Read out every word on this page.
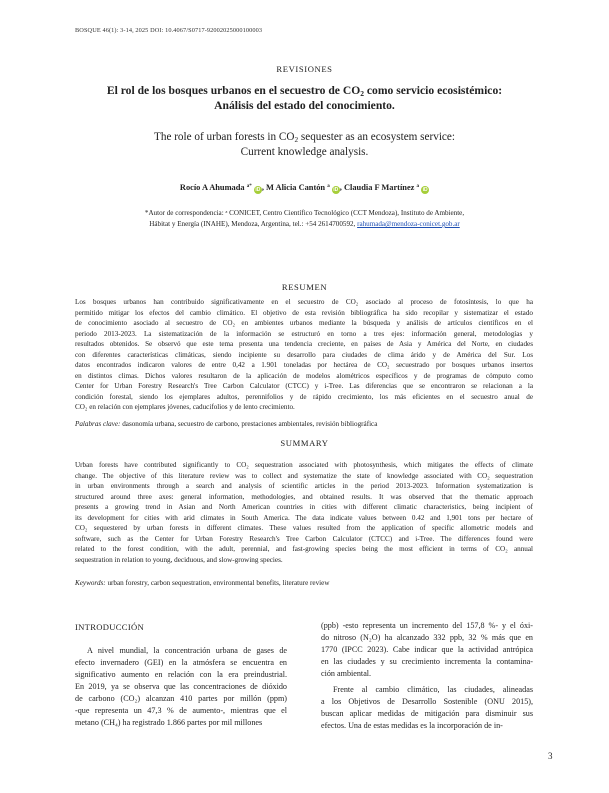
BOSQUE 46(1): 3-14, 2025 DOI: 10.4067/S0717-92002025000100003
REVISIONES
El rol de los bosques urbanos en el secuestro de $CO_2$ como servicio ecosistémico:
Análisis del estado del conocimiento.
The role of urban forests in $CO_2$ sequester as an ecosystem service:
Current knowledge analysis.
Rocío A Ahumada $^{a*}$ iD , M Alicia Cantón $^a$ iD , Claudia F Martínez $^a$ iD
*Autor de correspondencia: ᵃ CONICET, Centro Científico Tecnológico (CCT Mendoza), Instituto de Ambiente,
Hábitat y Energía (INAHE), Mendoza, Argentina, tel.: +54 2614700592, rahumada@mendoza-conicet.gob.ar
RESUMEN
Los bosques urbanos han contribuido significativamente en el secuestro de CO₂ asociado al proceso de fotosíntesis, lo que ha
permitido mitigar los efectos del cambio climático. El objetivo de esta revisión bibliográfica ha sido recopilar y sistematizar el estado
de conocimiento asociado al secuestro de CO₂ en ambientes urbanos mediante la búsqueda y análisis de artículos científicos en el
periodo 2013-2023. La sistematización de la información se estructuró en torno a tres ejes: información general, metodologías y
resultados obtenidos. Se observó que este tema presenta una tendencia creciente, en países de Asia y América del Norte, en ciudades
con diferentes características climáticas, siendo incipiente su desarrollo para ciudades de clima árido y de América del Sur. Los
datos encontrados indicaron valores de entre 0,42 a 1.901 toneladas por hectárea de CO₂ secuestrado por bosques urbanos insertos
en distintos climas. Dichos valores resultaron de la aplicación de modelos alométricos específicos y de programas de cómputo como
Center for Urban Forestry Research's Tree Carbon Calculator (CTCC) y i-Tree. Las diferencias que se encontraron se relacionan a la
condición forestal, siendo los ejemplares adultos, perennifolios y de rápido crecimiento, los más eficientes en el secuestro anual de
CO₂ en relación con ejemplares jóvenes, caducifolios y de lento crecimiento.
Palabras clave: dasonomía urbana, secuestro de carbono, prestaciones ambientales, revisión bibliográfica
SUMMARY
Urban forests have contributed significantly to CO₂ sequestration associated with photosynthesis, which mitigates the effects of climate
change. The objective of this literature review was to collect and systematize the state of knowledge associated with CO₂ sequestration
in urban environments through a search and analysis of scientific articles in the period 2013-2023. Information systematization is
structured around three axes: general information, methodologies, and obtained results. It was observed that the thematic approach
presents a growing trend in Asian and North American countries in cities with different climatic characteristics, being incipient of
its development for cities with arid climates in South America. The data indicate values between 0.42 and 1,901 tons per hectare of
CO₂ sequestered by urban forests in different climates. These values resulted from the application of specific allometric models and
software, such as the Center for Urban Forestry Research's Tree Carbon Calculator (CTCC) and i-Tree. The differences found were
related to the forest condition, with the adult, perennial, and fast-growing species being the most efficient in terms of CO₂ annual
sequestration in relation to young, deciduous, and slow-growing species.
Keywords: urban forestry, carbon sequestration, environmental benefits, literature review
INTRODUCCIÓN
A nivel mundial, la concentración urbana de gases de
efecto invernadero (GEI) en la atmósfera se encuentra en
significativo aumento en relación con la era preindustrial.
En 2019, ya se observa que las concentraciones de dióxido
de carbono (CO₂) alcanzan 410 partes por millón (ppm)
-que representa un 47,3 % de aumento-, mientras que el
metano (CH₄) ha registrado 1.866 partes por mil millones
(ppb) -esto representa un incremento del 157,8 %- y el óxi-
do nitroso (N₂O) ha alcanzado 332 ppb, 32 % más que en
1770 (IPCC 2023). Cabe indicar que la actividad antrópica
en las ciudades y su crecimiento incrementa la contamina-
ción ambiental.
Frente al cambio climático, las ciudades, alineadas
a los Objetivos de Desarrollo Sostenible (ONU 2015),
buscan aplicar medidas de mitigación para disminuir sus
efectos. Una de estas medidas es la incorporación de in-
3
